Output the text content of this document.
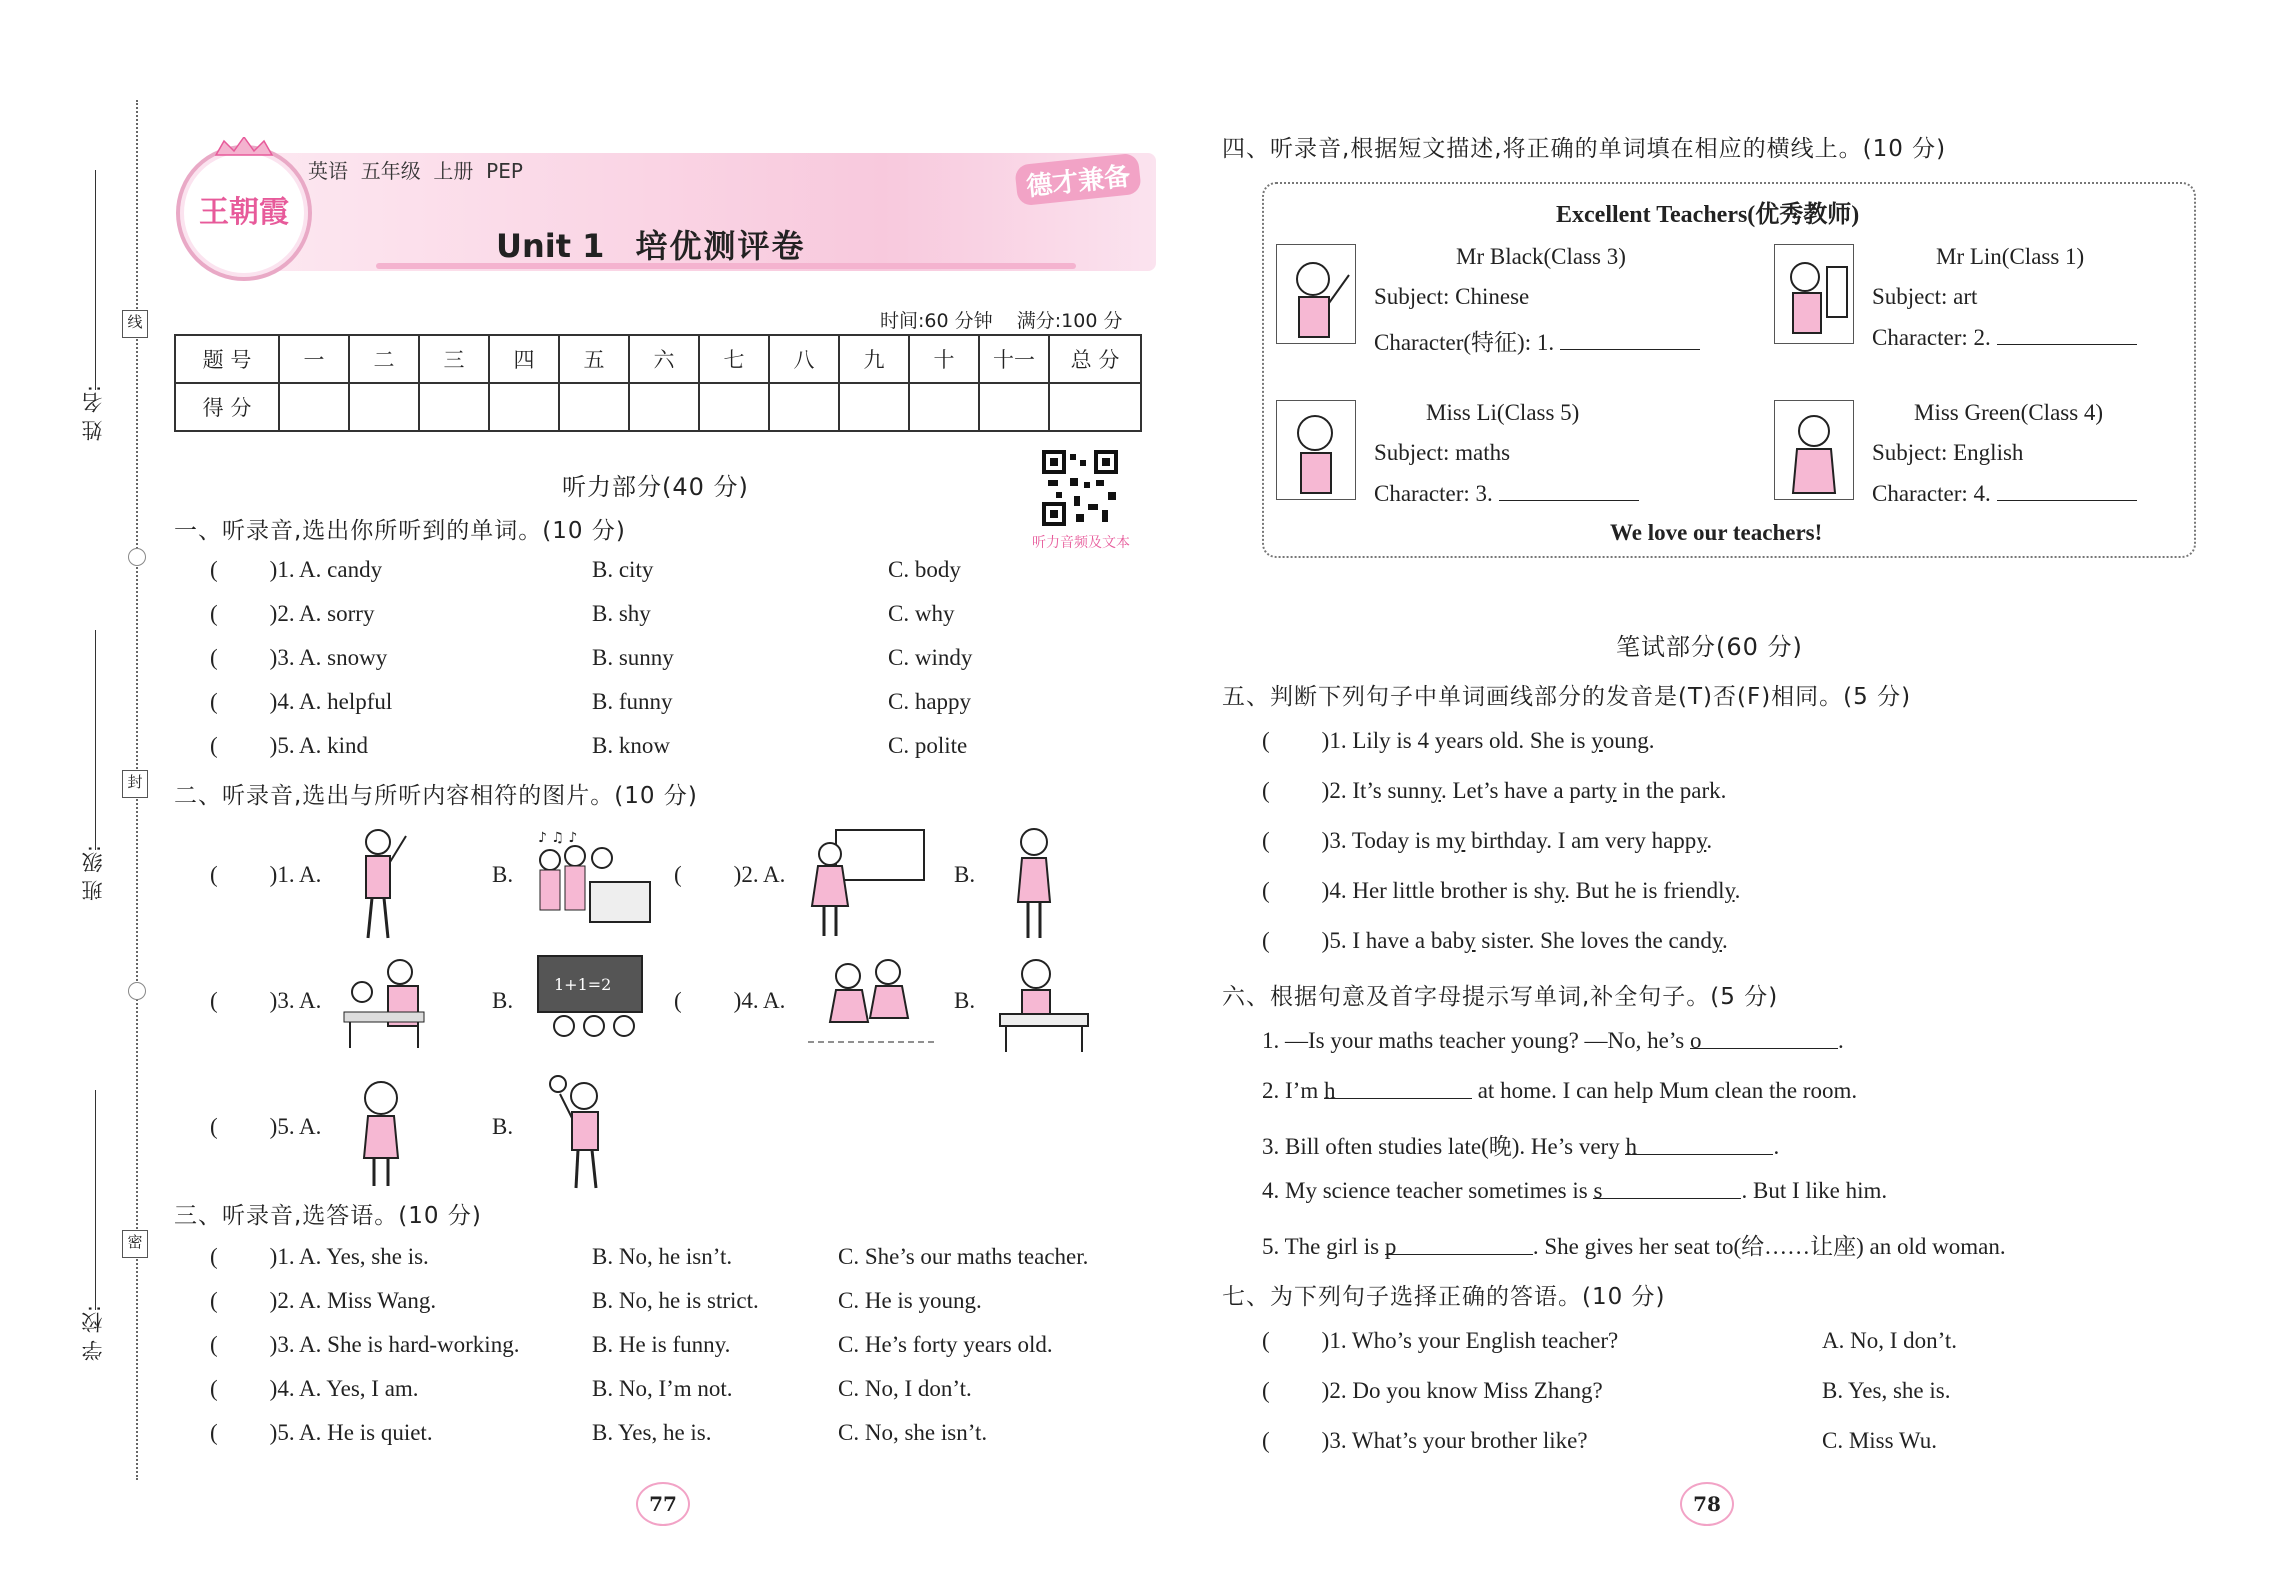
姓 名:
班 级:
学 校:
线
封
密
王朝霞
英语  五年级  上册  PEP	德才兼备
Unit 1 培优测评卷
时间:60 分钟    满分:100 分
题 号	一	二	三	四	五	六	七	八	九	十	十一	总 分
得 分												
听力部分(40 分)
听力音频及文本
一、听录音,选出你所听到的单词。(10 分)
( )1. A. candy	B. city	C. body
( )2. A. sorry	B. shy	C. why
( )3. A. snowy	B. sunny	C. windy
( )4. A. helpful	B. funny	C. happy
( )5. A. kind	B. know	C. polite
二、听录音,选出与所听内容相符的图片。(10 分)
( )1. A.	B.
♪ ♫ ♪
( )2. A.	B.
( )3. A.	B.
1+1=2
( )4. A.	B.
( )5. A.	B.
三、听录音,选答语。(10 分)
( )1. A. Yes, she is.	B. No, he isn’t.	C. She’s our maths teacher.
( )2. A. Miss Wang.	B. No, he is strict.	C. He is young.
( )3. A. She is hard-working.	B. He is funny.	C. He’s forty years old.
( )4. A. Yes, I am.	B. No, I’m not.	C. No, I don’t.
( )5. A. He is quiet.	B. Yes, he is.	C. No, she isn’t.
77	78
四、听录音,根据短文描述,将正确的单词填在相应的横线上。(10 分)
Excellent Teachers(优秀教师)
Mr Black(Class 3)
Subject: Chinese
Character(特征): 1.
Mr Lin(Class 1)
Subject: art
Character: 2.
Miss Li(Class 5)
Subject: maths
Character: 3.
Miss Green(Class 4)
Subject: English
Character: 4.
We love our teachers!
笔试部分(60 分)
五、判断下列句子中单词画线部分的发音是(T)否(F)相同。(5 分)
( )1. Lily is 4 years old. She is young.
( )2. It’s sunny. Let’s have a party in the park.
( )3. Today is my birthday. I am very happy.
( )4. Her little brother is shy. But he is friendly.
( )5. I have a baby sister. She loves the candy.
六、根据句意及首字母提示写单词,补全句子。(5 分)
1. —Is your maths teacher young? —No, he’s o	.
2. I’m h	at home. I can help Mum clean the room.
3. Bill often studies late(晚). He’s very h	.
4. My science teacher sometimes is s	. But I like him.
5. The girl is p	. She gives her seat to(给……让座) an old woman.
七、为下列句子选择正确的答语。(10 分)
( )1. Who’s your English teacher?	A. No, I don’t.
( )2. Do you know Miss Zhang?	B. Yes, she is.
( )3. What’s your brother like?	C. Miss Wu.
